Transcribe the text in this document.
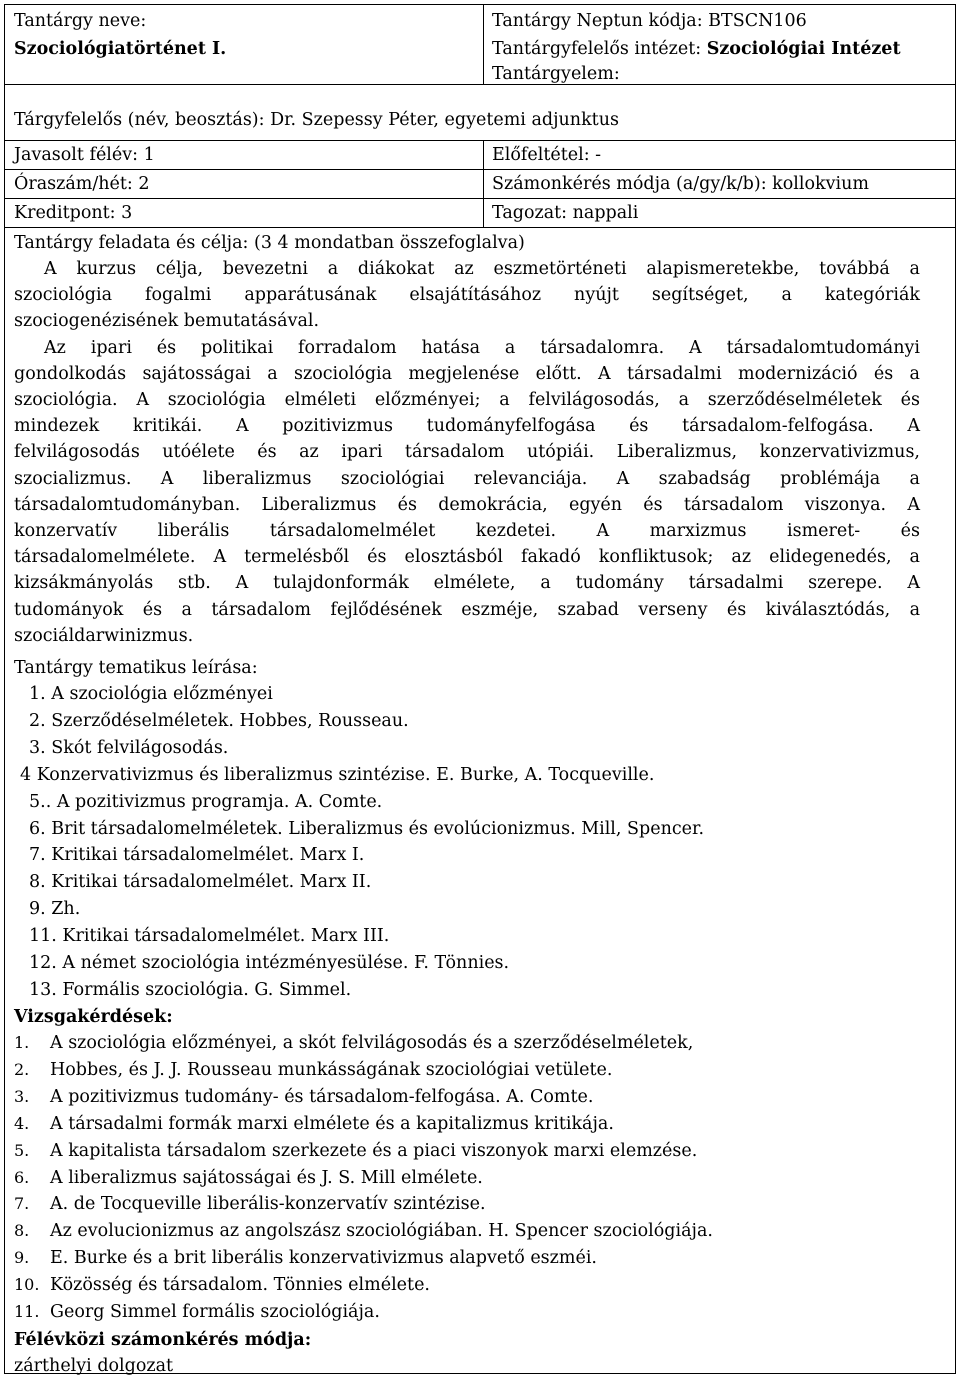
Tantárgy neve:
Szociológiatörténet I.
Tantárgy Neptun kódja: BTSCN106
Tantárgyfelelős intézet: Szociológiai Intézet
Tantárgyelem:
Tárgyfelelős (név, beosztás): Dr. Szepessy Péter, egyetemi adjunktus
Javasolt félév: 1	Előfeltétel: -
Óraszám/hét: 2	Számonkérés módja (a/gy/k/b): kollokvium
Kreditpont: 3	Tagozat: nappali
Tantárgy feladata és célja: (3 4 mondatban összefoglalva)
A kurzus célja, bevezetni a diákokat az eszmetörténeti alapismeretekbe, továbbá a
szociológia fogalmi apparátusának elsajátításához nyújt segítséget, a kategóriák
szociogenézisének bemutatásával.
Az ipari és politikai forradalom hatása a társadalomra. A társadalomtudományi
gondolkodás sajátosságai a szociológia megjelenése előtt. A társadalmi modernizáció és a
szociológia. A szociológia elméleti előzményei; a felvilágosodás, a szerződéselméletek és
mindezek kritikái. A pozitivizmus tudományfelfogása és társadalom-felfogása. A
felvilágosodás utóélete és az ipari társadalom utópiái. Liberalizmus, konzervativizmus,
szocializmus. A liberalizmus szociológiai relevanciája. A szabadság problémája a
társadalomtudományban. Liberalizmus és demokrácia, egyén és társadalom viszonya. A
konzervatív liberális társadalomelmélet kezdetei. A marxizmus ismeret- és
társadalomelmélete. A termelésből és elosztásból fakadó konfliktusok; az elidegenedés, a
kizsákmányolás stb. A tulajdonformák elmélete, a tudomány társadalmi szerepe. A
tudományok és a társadalom fejlődésének eszméje, szabad verseny és kiválasztódás, a
szociáldarwinizmus.
Tantárgy tematikus leírása:
1. A szociológia előzményei
2. Szerződéselméletek. Hobbes, Rousseau.
3. Skót felvilágosodás.
4 Konzervativizmus és liberalizmus szintézise. E. Burke, A. Tocqueville.
5.. A pozitivizmus programja. A. Comte.
6. Brit társadalomelméletek. Liberalizmus és evolúcionizmus. Mill, Spencer.
7. Kritikai társadalomelmélet. Marx I.
8. Kritikai társadalomelmélet. Marx II.
9. Zh.
11. Kritikai társadalomelmélet. Marx III.
12. A német szociológia intézményesülése. F. Tönnies.
13. Formális szociológia. G. Simmel.
Vizsgakérdések:
1. A szociológia előzményei, a skót felvilágosodás és a szerződéselméletek,
2. Hobbes, és J. J. Rousseau munkásságának szociológiai vetülete.
3. A pozitivizmus tudomány- és társadalom-felfogása. A. Comte.
4. A társadalmi formák marxi elmélete és a kapitalizmus kritikája.
5. A kapitalista társadalom szerkezete és a piaci viszonyok marxi elemzése.
6. A liberalizmus sajátosságai és J. S. Mill elmélete.
7. A. de Tocqueville liberális-konzervatív szintézise.
8. Az evolucionizmus az angolszász szociológiában. H. Spencer szociológiája.
9. E. Burke és a brit liberális konzervativizmus alapvető eszméi.
10. Közösség és társadalom. Tönnies elmélete.
11. Georg Simmel formális szociológiája.
Félévközi számonkérés módja:
zárthelyi dolgozat
